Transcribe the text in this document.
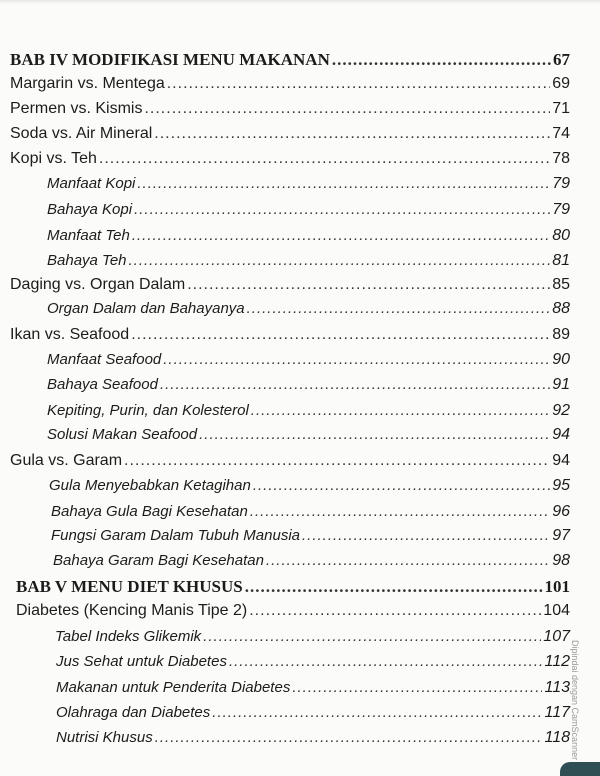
BAB IV MODIFIKASI MENU MAKANAN .....	67
Margarin vs. Mentega .....	69
Permen vs. Kismis .....	71
Soda vs. Air Mineral .....	74
Kopi vs. Teh .....	78
Manfaat Kopi .....	79
Bahaya Kopi .....	79
Manfaat Teh .....	80
Bahaya Teh .....	81
Daging vs. Organ Dalam .....	85
Organ Dalam dan Bahayanya .....	88
Ikan vs. Seafood .....	89
Manfaat Seafood .....	90
Bahaya Seafood .....	91
Kepiting, Purin, dan Kolesterol .....	92
Solusi Makan Seafood .....	94
Gula vs. Garam .....	94
Gula Menyebabkan Ketagihan .....	95
Bahaya Gula Bagi Kesehatan .....	96
Fungsi Garam Dalam Tubuh Manusia .....	97
Bahaya Garam Bagi Kesehatan .....	98
BAB V MENU DIET KHUSUS .....	101
Diabetes (Kencing Manis Tipe 2) .....	104
Tabel Indeks Glikemik .....	107
Jus Sehat untuk Diabetes .....	112
Makanan untuk Penderita Diabetes .....	113
Olahraga dan Diabetes .....	117
Nutrisi Khusus .....	118 Dipindai dengan CamScanner
